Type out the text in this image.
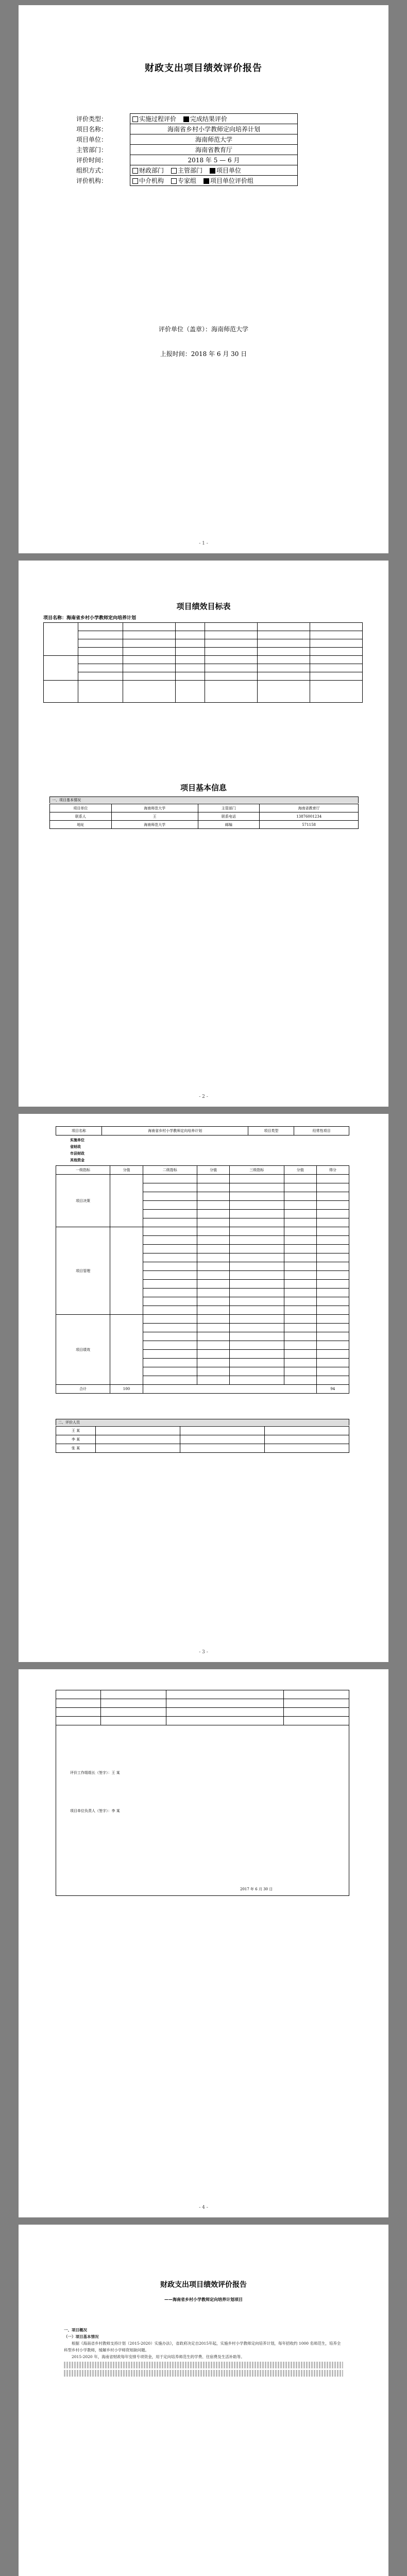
财政支出项目绩效评价报告
评价类型：	实施过程评价 完成结果评价
项目名称：	海南省乡村小学教师定向培养计划
项目单位：	海南师范大学
主管部门：	海南省教育厅
评价时间：	2018 年 5 — 6 月
组织方式：	财政部门 主管部门 项目单位
评价机构：	中介机构 专家组 项目单位评价组
评价单位（盖章）：海南师范大学
上报时间：2018 年 6 月 30 日
- 1 -
项目绩效目标表
项目名称：海南省乡村小学教师定向培养计划

项目基本信息
一、项目基本情况
项目单位	海南师范大学	主管部门	海南省教育厅
联系人	王	联系电话	13876001234
地址	海南师范大学	邮编	571158
- 2 -
项目名称	海南省乡村小学教师定向培养计划	项目类型	经常性项目
实施单位
省财政
市县财政
其他资金
一级指标	分值	二级指标	分值	三级指标	分值	得分
项目决策						

项目管理						

项目绩效						

合计	100					94
二、评价人员
王 某			
李 某			
张 某			
- 3 -

评价工作组组长（签字）：王 某
项目单位负责人（签字）：李 某
2017 年 6 月 30 日
- 4 -
财政支出项目绩效评价报告
——海南省乡村小学教师定向培养计划项目
一、项目概况
（一）项目基本情况
根据《海南省乡村教师支持计划（2015-2020）实施办法》，省政府决定自2015年起，实施乡村小学教师定向培养计划，每年招收约 1000 名师范生，培养全科型乡村小学教师，缓解乡村小学师资短缺问题。
2015-2020 年，海南省财政每年安排专项资金，用于定向培养师范生的学费、住宿费及生活补助等。
